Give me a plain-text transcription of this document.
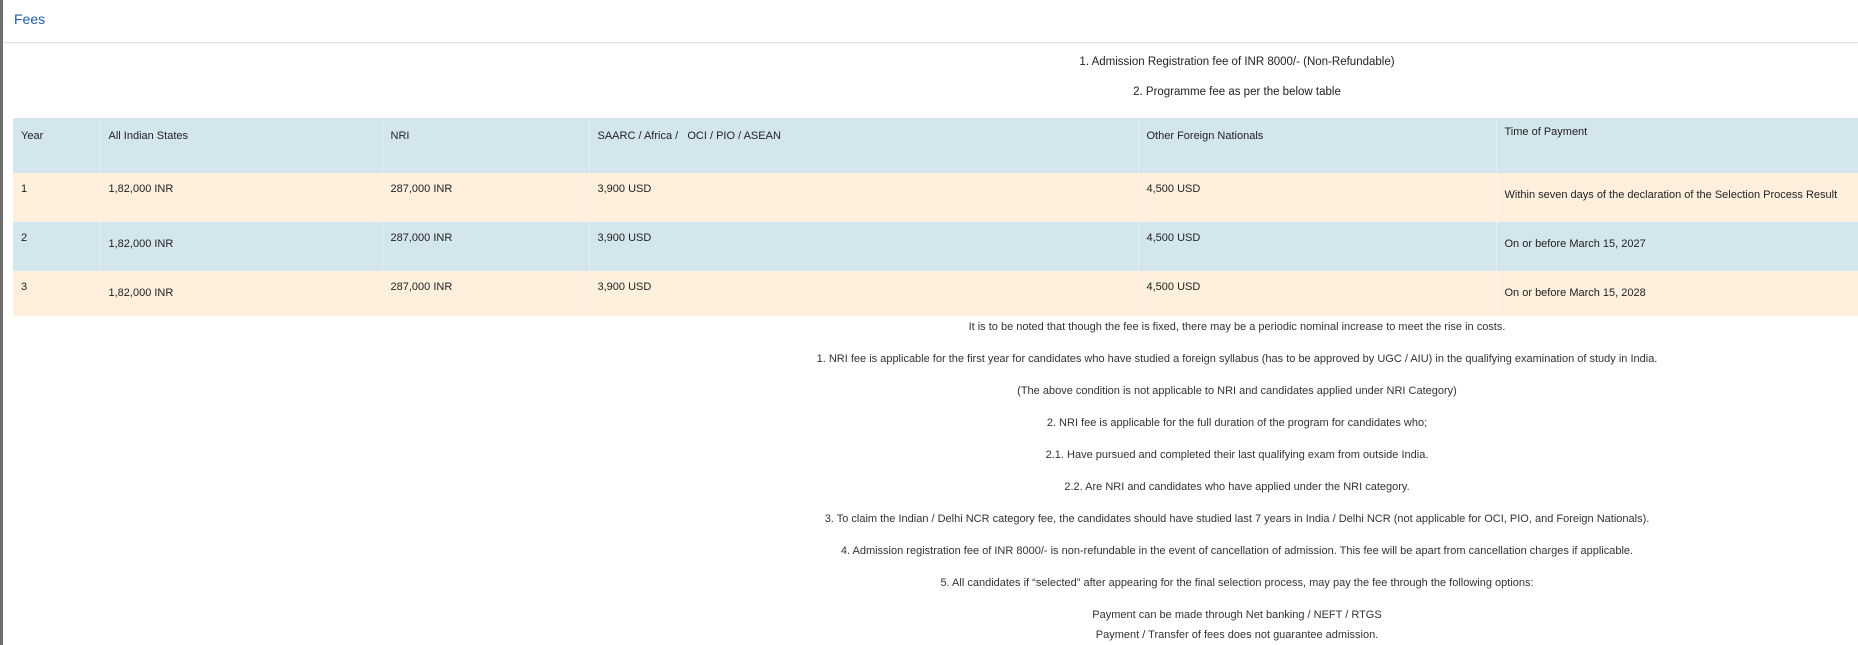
Fees
1. Admission Registration fee of INR 8000/- (Non-Refundable)
2. Programme fee as per the below table
Year	All Indian States	NRI	SAARC / Africa /   OCI / PIO / ASEAN	Other Foreign Nationals	Time of Payment
1	1,82,000 INR	287,000 INR	3,900 USD	4,500 USD	Within seven days of the declaration of the Selection Process Result
2	1,82,000 INR	287,000 INR	3,900 USD	4,500 USD	On or before March 15, 2027
3	1,82,000 INR	287,000 INR	3,900 USD	4,500 USD	On or before March 15, 2028
It is to be noted that though the fee is fixed, there may be a periodic nominal increase to meet the rise in costs.
1. NRI fee is applicable for the first year for candidates who have studied a foreign syllabus (has to be approved by UGC / AIU) in the qualifying examination of study in India.
(The above condition is not applicable to NRI and candidates applied under NRI Category)
2. NRI fee is applicable for the full duration of the program for candidates who;
2.1. Have pursued and completed their last qualifying exam from outside India.
2.2. Are NRI and candidates who have applied under the NRI category.
3. To claim the Indian / Delhi NCR category fee, the candidates should have studied last 7 years in India / Delhi NCR (not applicable for OCI, PIO, and Foreign Nationals).
4. Admission registration fee of INR 8000/- is non-refundable in the event of cancellation of admission. This fee will be apart from cancellation charges if applicable.
5. All candidates if “selected” after appearing for the final selection process, may pay the fee through the following options:
Payment can be made through Net banking / NEFT / RTGS
Payment / Transfer of fees does not guarantee admission.
